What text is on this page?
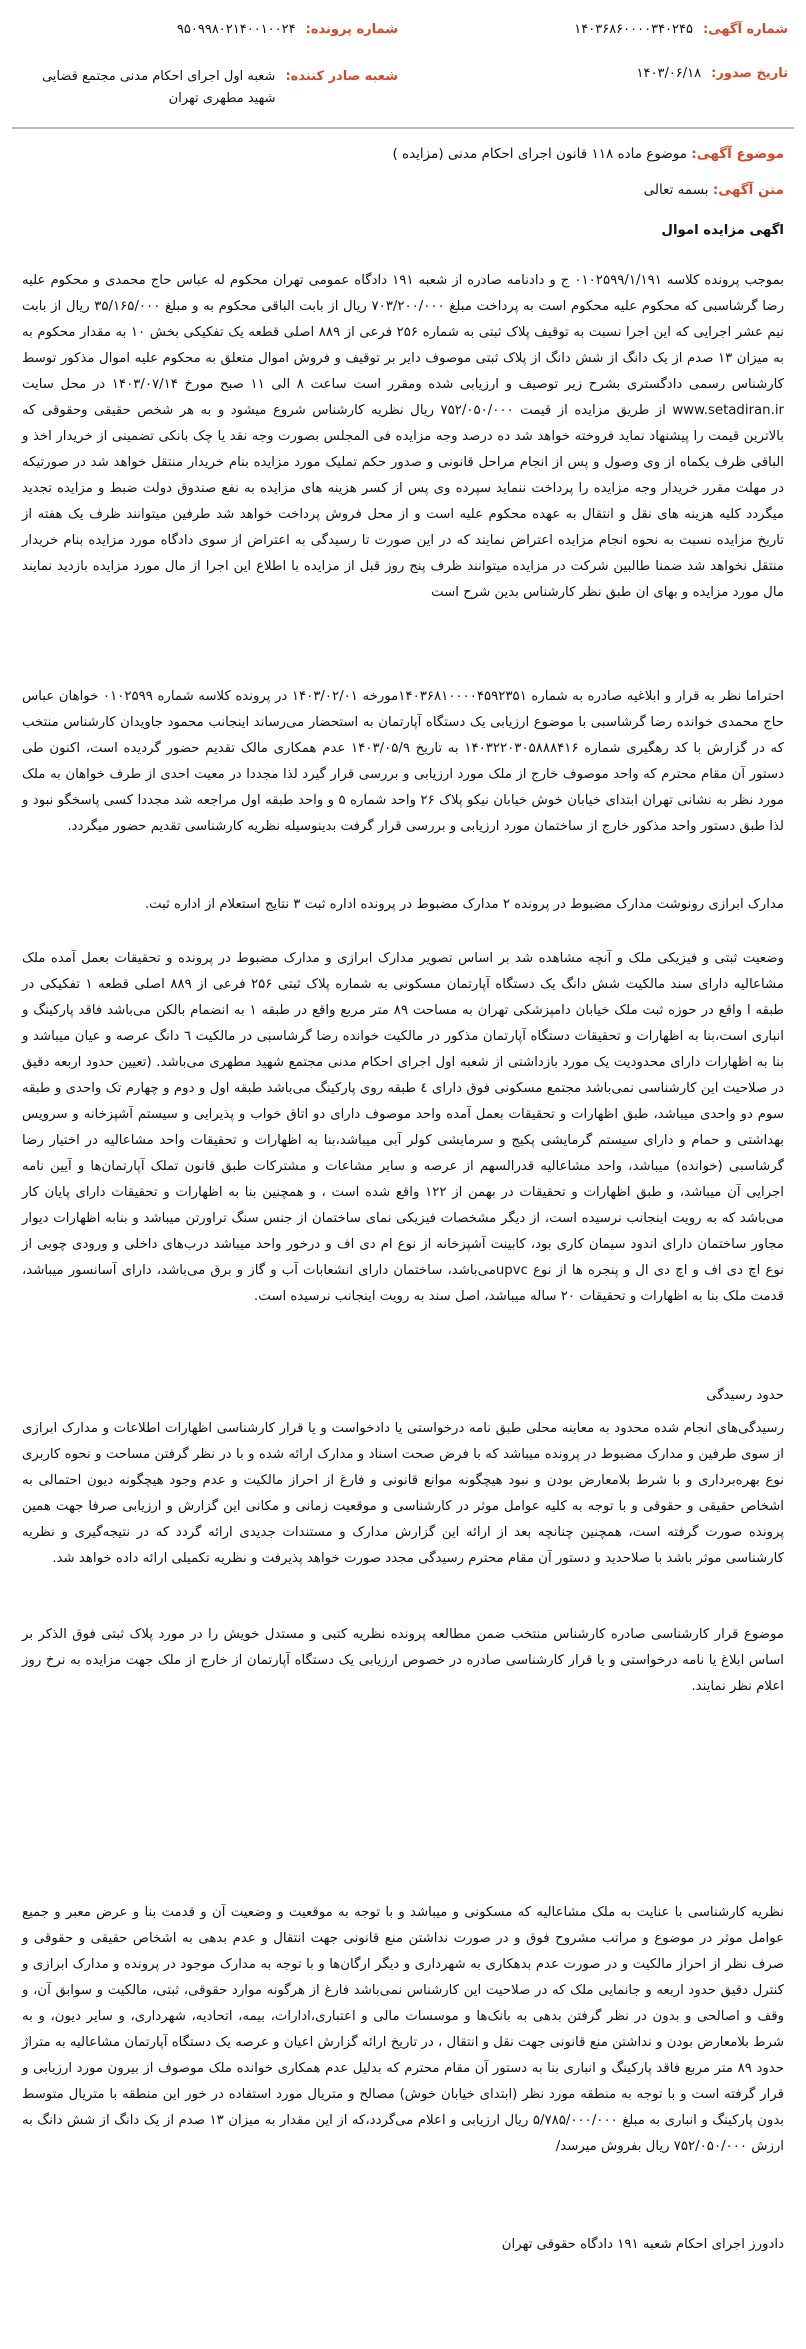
شماره آگهی:
۱۴۰۳۶۸۶۰۰۰۰۳۴۰۲۴۵
شماره پرونده:
۹۵۰۹۹۸۰۲۱۴۰۰۱۰۰۲۴
تاریخ صدور:
۱۴۰۳/۰۶/۱۸
شعبه صادر کننده:
شعبه اول اجرای احکام مدنی مجتمع قضایی شهید مطهری تهران
موضوع آگهی: موضوع ماده ۱۱۸ قانون اجرای احکام مدنی (مزایده )
متن آگهی: بسمه تعالی

اگهی مزایده اموال

بموجب پرونده کلاسه ۰۱۰۲۵۹۹/۱/۱۹۱ ج و دادنامه صادره از شعبه ۱۹۱ دادگاه عمومی تهران محکوم له عباس حاج محمدی و محکوم علیه رضا گرشاسبی که محکوم علیه محکوم است به پرداخت مبلغ ۷۰۳/۲۰۰/۰۰۰ ریال از بابت الباقی محکوم به و مبلغ ۳۵/۱۶۵/۰۰۰ ریال از بابت نیم عشر اجرایی که این اجرا نسبت به توقیف پلاک ثبتی به شماره ۲۵۶ فرعی از ۸۸۹ اصلی قطعه یک تفکیکی بخش ۱۰ به مقدار محکوم به به میزان ۱۳ صدم از یک دانگ از شش دانگ از پلاک ثبتی موصوف دایر بر توقیف و فروش اموال متعلق به محکوم علیه اموال مذکور توسط کارشناس رسمی دادگستری بشرح زیر توصیف و ارزیابی شده ومقرر است ساعت ۸ الی ۱۱ صبح مورخ ۱۴۰۳/۰۷/۱۴ در محل سایت www.setadiran.ir از طریق مزایده از قیمت ۷۵۲/۰۵۰/۰۰۰ ریال نظریه کارشناس شروع میشود و به هر شخص حقیقی وحقوقی که بالاترین قیمت را پیشنهاد نماید فروخته خواهد شد ده درصد وجه مزایده فی المجلس بصورت وجه نقد یا چک بانکی تضمینی از خریدار اخذ و الباقی ظرف یکماه از وی وصول و پس از انجام مراحل قانونی و صدور حکم تملیک مورد مزایده بنام خریدار منتقل خواهد شد در صورتیکه در مهلت مقرر خریدار وجه مزایده را پرداخت ننماید سپرده وی پس از کسر هزینه های مزایده به نفع صندوق دولت ضبط و مزایده تجدید میگردد کلیه هزینه های نقل و انتقال به عهده محکوم علیه است و از محل فروش پرداخت خواهد شد طرفین میتوانند ظرف یک هفته از تاریخ مزایده نسبت به نحوه انجام مزایده اعتراض نمایند که در این صورت تا رسیدگی به اعتراض از سوی دادگاه مورد مزایده بنام خریدار منتقل نخواهد شد ضمنا طالبین شرکت در مزایده میتوانند ظرف پنج روز قبل از مزایده با اطلاع این اجرا از مال مورد مزایده بازدید نمایند مال مورد مزایده و بهای ان طبق نظر کارشناس بدین شرح است

احتراما نظر به قرار و ابلاغیه صادره به شماره ۱۴۰۳۶۸۱۰۰۰۰۴۵۹۲۳۵۱مورخه ۱۴۰۳/۰۲/۰۱ در پرونده کلاسه شماره ۰۱۰۲۵۹۹ خواهان عباس حاج محمدی خوانده رضا گرشاسبی با موضوع ارزیابی یک دستگاه آپارتمان به استحضار می‌رساند اینجانب محمود جاویدان کارشناس منتخب که در گزارش با کد رهگیری شماره ۱۴۰۳۲۲۰۳۰۵۸۸۸۴۱۶ به تاریخ ۱۴۰۳/۰۵/۹ عدم همکاری مالک تقدیم حضور گردیده است، اکنون طی دستور آن مقام محترم که واحد موصوف خارج از ملک مورد ارزیابی و بررسی قرار گیرد لذا مجددا در معیت احدی از طرف خواهان به ملک مورد نظر به نشانی تهران ابتدای خیابان خوش خیابان نیکو پلاک ۲۶ واحد شماره ۵ و واحد طبقه اول مراجعه شد مجددا کسی پاسخگو نبود و لذا طبق دستور واحد مذکور خارج از ساختمان مورد ارزیابی و بررسی قرار گرفت بدینوسیله نظریه کارشناسی تقدیم حضور میگردد.

مدارک ابرازی رونوشت مدارک مضبوط در پرونده ۲ مدارک مضبوط در پرونده اداره ثبت ۳ نتایج استعلام از اداره ثبت.

وضعیت ثبتی و فیزیکی ملک و آنچه مشاهده شد بر اساس تصویر مدارک ابرازی و مدارک مضبوط در پرونده و تحقیقات بعمل آمده ملک مشاعالیه دارای سند مالکیت شش دانگ یک دستگاه آپارتمان مسکونی به شماره پلاک ثبتی ۲۵۶ فرعی از ۸۸۹ اصلی قطعه ۱ تفکیکی در طبقه ا واقع در حوزه ثبت ملک خیابان دامپزشکی تهران به مساحت ۸۹ متر مربع واقع در طبقه ۱ به انضمام بالکن می‌باشد فاقد پارکینگ و انباری است،بنا به اظهارات و تحقیقات دستگاه آپارتمان مذکور در مالکیت خوانده رضا گرشاسبی در مالکیت ٦ دانگ عرصه و عیان میباشد و بنا به اظهارات دارای محدودیت یک مورد بازداشتی از شعبه اول اجرای احکام مدنی مجتمع شهید مطهری می‌باشد. (تعیین حدود اربعه دقیق در صلاحیت این کارشناسی نمی‌باشد مجتمع مسکونی فوق دارای ٤ طبقه روی پارکینگ می‌باشد طبقه اول و دوم و چهارم تک واحدی و طبقه سوم دو واحدی میباشد، طبق اظهارات و تحقیقات بعمل آمده واحد موصوف دارای دو اتاق خواب و پذیرایی و سیستم آشپزخانه و سرویس بهداشتی و حمام و دارای سیستم گرمایشی پکیج و سرمایشی کولر آبی میباشد،بنا به اظهارات و تحقیقات واحد مشاعالیه در اختیار رضا گرشاسبی (خوانده) میباشد، واحد مشاعالیه قدرالسهم از عرصه و سایر مشاعات و مشترکات طبق قانون تملک آپارتمان‌ها و آیین نامه اجرایی آن میباشد، و طبق اظهارات و تحقیقات در بهمن از ۱۲۲ واقع شده است ، و همچنین بنا به اظهارات و تحقیقات دارای پایان کار می‌باشد که به رویت اینجانب نرسیده است، از دیگر مشخصات فیزیکی نمای ساختمان از جنس سنگ تراورتن میباشد و بنابه اظهارات دیوار مجاور ساختمان دارای اندود سیمان کاری بود، کابینت آشپزخانه از نوع ام دی اف و درخور واحد میباشد درب‌های داخلی و ورودی چوبی از نوع اچ دی اف و اچ دی ال و پنجره ها از نوع upvcمی‌باشد، ساختمان دارای انشعابات آب و گاز و برق می‌باشد، دارای آسانسور میباشد، قدمت ملک بنا به اظهارات و تحقیقات ۲۰ ساله میباشد، اصل سند به رویت اینجانب نرسیده است.

حدود رسیدگی

رسیدگی‌های انجام شده محدود به معاینه محلی طبق نامه درخواستی یا دادخواست و یا قرار کارشناسی اظهارات اطلاعات و مدارک ابرازی از سوی طرفین و مدارک مضبوط در پرونده میباشد که با فرض صحت اسناد و مدارک ارائه شده و با در نظر گرفتن مساحت و نحوه کاربری نوع بهره‌برداری و با شرط بلامعارض بودن و نبود هیچگونه موانع قانونی و فارغ از احراز مالکیت و عدم وجود هیچگونه دیون احتمالی به اشخاص حقیقی و حقوقی و با توجه به کلیه عوامل موثر در کارشناسی و موقعیت زمانی و مکانی این گزارش و ارزیابی صرفا جهت همین پرونده صورت گرفته است، همچنین چنانچه بعد از ارائه این گزارش مدارک و مستندات جدیدی ارائه گردد که در نتیجه‌گیری و نظریه کارشناسی موثر باشد با صلاحدید و دستور آن مقام محترم رسیدگی مجدد صورت خواهد پذیرفت و نظریه تکمیلی ارائه داده خواهد شد.

موضوع قرار کارشناسی صادره کارشناس منتخب ضمن مطالعه پرونده نظریه کتبی و مستدل خویش را در مورد پلاک ثبتی فوق الذکر بر اساس ابلاغ یا نامه درخواستی و یا قرار کارشناسی صادره در خصوص ارزیابی یک دستگاه آپارتمان از خارج از ملک جهت مزایده به نرخ روز اعلام نظر نمایند.

نظریه کارشناسی با عنایت به ملک مشاعالیه که مسکونی و میباشد و با توجه به موقعیت و وضعیت آن و قدمت بنا و عرض معبر و جمیع عوامل موثر در موضوع و مراتب مشروح فوق و در صورت نداشتن منع قانونی جهت انتقال و عدم بدهی به اشخاص حقیقی و حقوقی و صرف نظر از احراز مالکیت و در صورت عدم بدهکاری به شهرداری و دیگر ارگان‌ها و با توجه به مدارک موجود در پرونده و مدارک ابرازی و کنترل دقیق حدود اربعه و جانمایی ملک که در صلاحیت این کارشناس نمی‌باشد فارغ از هرگونه موارد حقوقی، ثبتی، مالکیت و سوابق آن، و وقف و اصالحی و بدون در نظر گرفتن بدهی به بانک‌ها و موسسات مالی و اعتباری،ادارات، بیمه، اتحادیه، شهرداری، و سایر دیون، و به شرط بلامعارض بودن و نداشتن منع قانونی جهت نقل و انتقال ، در تاریخ ارائه گزارش اعیان و عرصه یک دستگاه آپارتمان مشاعالیه به متراژ حدود ۸۹ متر مربع فاقد پارکینگ و انباری بنا به دستور آن مقام محترم که بدلیل عدم همکاری خوانده ملک موصوف از بیرون مورد ارزیابی و قرار گرفته است و با توجه به منطقه مورد نظر (ابتدای خیابان خوش) مصالح و متریال مورد استفاده در خور این منطقه با متریال متوسط بدون پارکینگ و انباری به مبلغ ۵/۷۸۵/۰۰۰/۰۰۰ ریال ارزیابی و اعلام می‌گردد،که از این مقدار به میزان ۱۳ صدم از یک دانگ از شش دانگ به ارزش ۷۵۲/۰۵۰/۰۰۰ ریال بفروش میرسد/

دادورز اجرای احکام شعبه ۱۹۱ دادگاه حقوقی تهران
